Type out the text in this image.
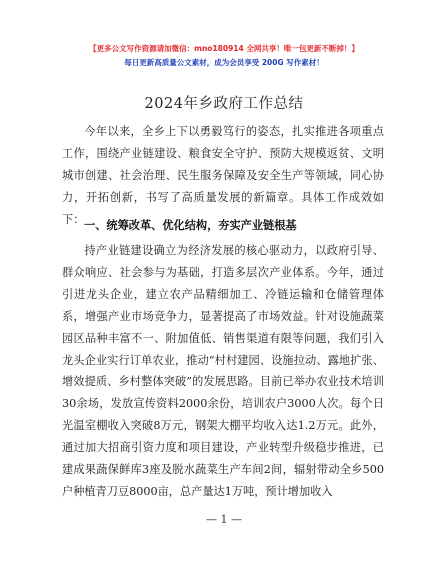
【更多公文写作资源请加微信：mno180914 全网共享！唯一包更新不断掉！】
每日更新高质量公文素材，成为会员享受 200G 写作素材！
2024年乡政府工作总结
今年以来，全乡上下以勇毅笃行的姿态，扎实推进各项重点工作，围绕产业链建设、粮食安全守护、预防大规模返贫、文明城市创建、社会治理、民生服务保障及安全生产等领域，同心协力，开拓创新，书写了高质量发展的新篇章。具体工作成效如下： 一、统筹改革、优化结构，夯实产业链根基
持产业链建设确立为经济发展的核心驱动力，以政府引导、群众响应、社会参与为基础，打造多层次产业体系。今年，通过引进龙头企业，建立农产品精细加工、冷链运输和仓储管理体系，增强产业市场竞争力，显著提高了市场效益。针对设施蔬菜园区品种丰富不一、附加值低、销售渠道有限等问题，我们引入龙头企业实行订单农业，推动“村村建园、设施拉动、露地扩张、增效提质、乡村整体突破”的发展思路。目前已举办农业技术培训30余场，发放宣传资料2000余份，培训农户3000人次。每个日光温室棚收入突破8万元，钢架大棚平均收入达1.2万元。此外，通过加大招商引资力度和项目建设，产业转型升级稳步推进，已建成果蔬保鲜库3座及脱水蔬菜生产车间2间，辐射带动全乡500户种植青刀豆8000亩，总产量达1万吨，预计增加收入
— 1 —
